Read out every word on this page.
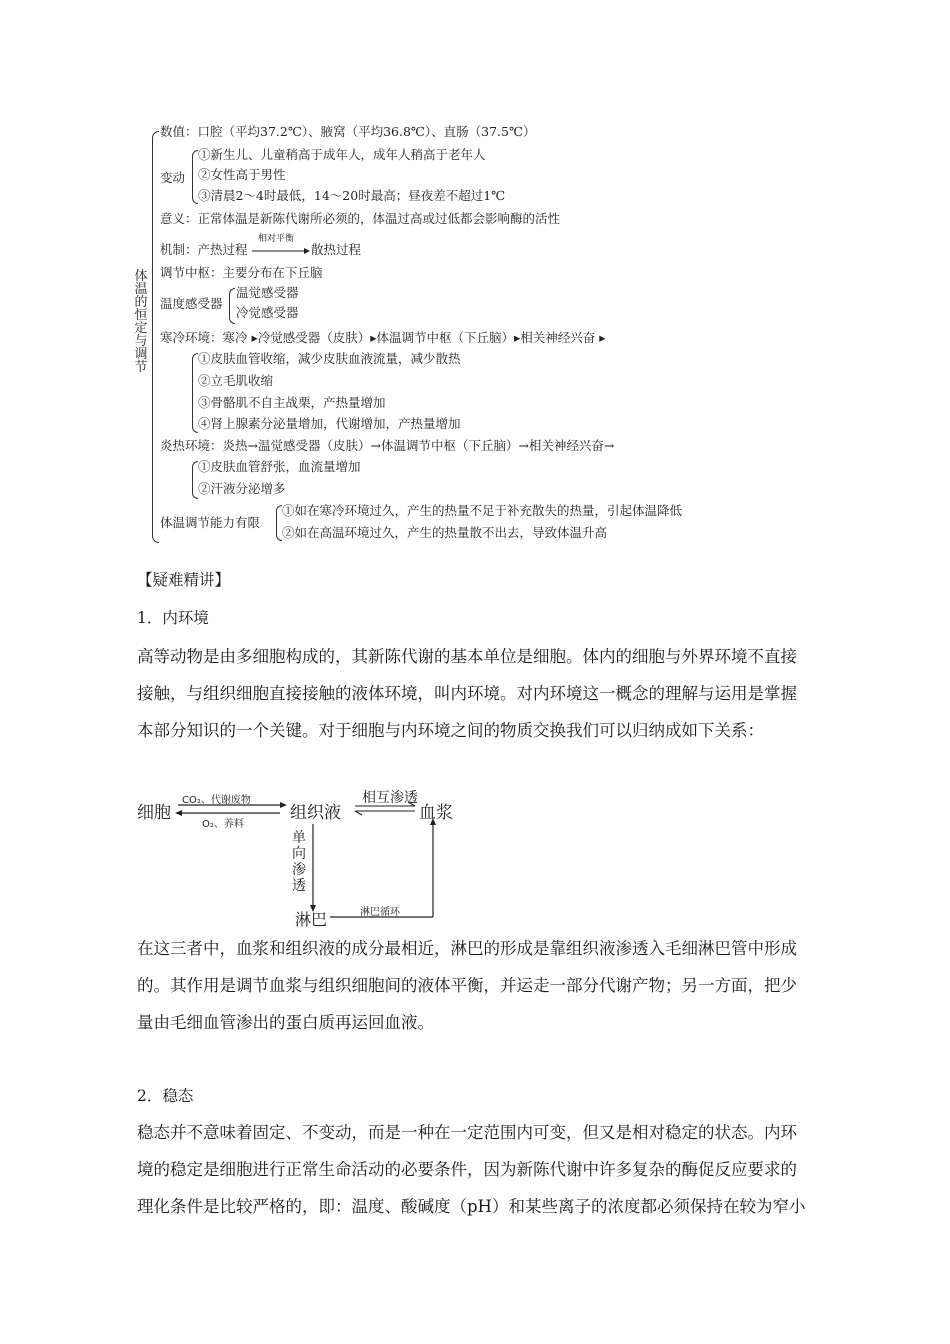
体温的恒定与调节
数值：口腔（平均37.2℃）、腋窝（平均36.8℃）、直肠（37.5℃）
变动
①新生儿、儿童稍高于成年人，成年人稍高于老年人
②女性高于男性
③清晨2～4时最低，14～20时最高；昼夜差不超过1℃
意义：正常体温是新陈代谢所必须的，体温过高或过低都会影响酶的活性
机制：产热过程
相对平衡
散热过程
调节中枢：主要分布在下丘脑
温度感受器
温觉感受器
冷觉感受器
寒冷环境：寒冷 ▸冷觉感受器（皮肤）▸体温调节中枢（下丘脑）▸相关神经兴奋 ▸
①皮肤血管收缩，减少皮肤血液流量，减少散热
②立毛肌收缩
③骨骼肌不自主战栗，产热量增加
④肾上腺素分泌量增加，代谢增加，产热量增加
炎热环境：炎热→温觉感受器（皮肤）→体温调节中枢（下丘脑）→相关神经兴奋→
①皮肤血管舒张，血流量增加
②汗液分泌增多
体温调节能力有限
①如在寒冷环境过久，产生的热量不足于补充散失的热量，引起体温降低
②如在高温环境过久，产生的热量散不出去，导致体温升高
【疑难精讲】
1．内环境
高等动物是由多细胞构成的，其新陈代谢的基本单位是细胞。体内的细胞与外界环境不直接
接触，与组织细胞直接接触的液体环境，叫内环境。对内环境这一概念的理解与运用是掌握
本部分知识的一个关键。对于细胞与内环境之间的物质交换我们可以归纳成如下关系：
细胞	组织液	血浆
淋巴
CO₂、代谢废物
O₂、养料
相互渗透
单向渗透
淋巴循环
在这三者中，血浆和组织液的成分最相近，淋巴的形成是靠组织液渗透入毛细淋巴管中形成
的。其作用是调节血浆与组织细胞间的液体平衡，并运走一部分代谢产物；另一方面，把少
量由毛细血管渗出的蛋白质再运回血液。
2．稳态
稳态并不意味着固定、不变动，而是一种在一定范围内可变，但又是相对稳定的状态。内环
境的稳定是细胞进行正常生命活动的必要条件，因为新陈代谢中许多复杂的酶促反应要求的
理化条件是比较严格的，即：温度、酸碱度（pH）和某些离子的浓度都必须保持在较为窄小
